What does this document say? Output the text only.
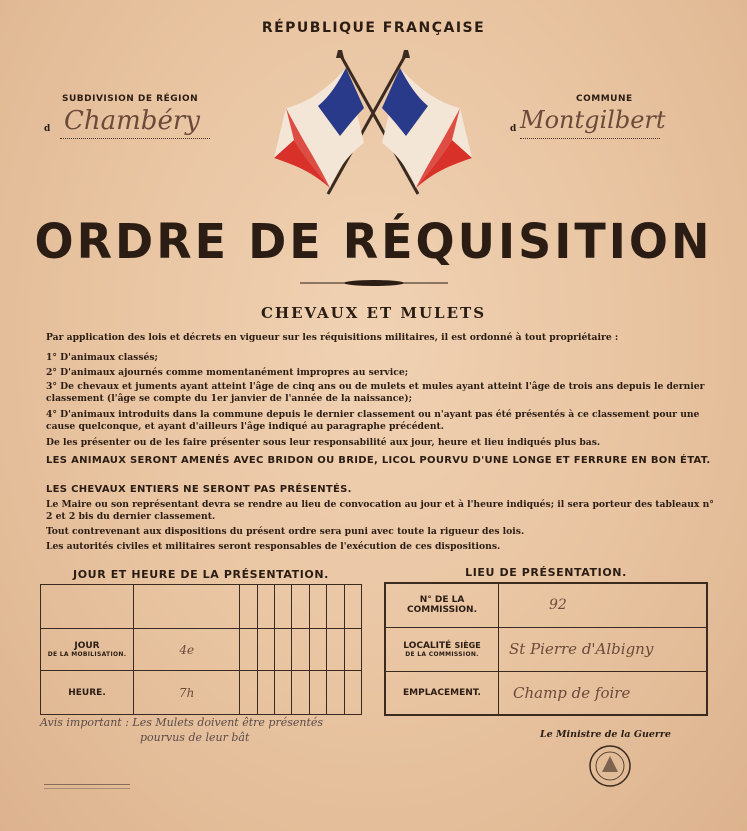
RÉPUBLIQUE FRANÇAISE
SUBDIVISION DE RÉGION
d Chambéry
COMMUNE
d Montgilbert
ORDRE DE RÉQUISITION
CHEVAUX ET MULETS
Par application des lois et décrets en vigueur sur les réquisitions militaires, il est ordonné à tout propriétaire :
1° D'animaux classés;
2° D'animaux ajournés comme momentanément impropres au service;
3° De chevaux et juments ayant atteint l'âge de cinq ans ou de mulets et mules ayant atteint l'âge de trois ans depuis le dernier classement (l'âge se compte du 1er janvier de l'année de la naissance);
4° D'animaux introduits dans la commune depuis le dernier classement ou n'ayant pas été présentés à ce classement pour une cause quelconque, et ayant d'ailleurs l'âge indiqué au paragraphe précédent.
De les présenter ou de les faire présenter sous leur responsabilité aux jour, heure et lieu indiqués plus bas.
LES ANIMAUX SERONT AMENÉS AVEC BRIDON OU BRIDE, LICOL POURVU D'UNE LONGE ET FERRURE EN BON ÉTAT.
LES CHEVAUX ENTIERS NE SERONT PAS PRÉSENTÉS.
Le Maire ou son représentant devra se rendre au lieu de convocation au jour et à l'heure indiqués; il sera porteur des tableaux n° 2 et 2 bis du dernier classement.
Tout contrevenant aux dispositions du présent ordre sera puni avec toute la rigueur des lois.
Les autorités civiles et militaires seront responsables de l'exécution de ces dispositions.
JOUR ET HEURE DE LA PRÉSENTATION.

JOUR
DE LA MOBILISATION.	4e							
HEURE.	7h							
LIEU DE PRÉSENTATION.
N° DE LA COMMISSION.	92
LOCALITÉ SIÈGE
DE LA COMMISSION.	St Pierre d'Albigny
EMPLACEMENT.	Champ de foire
Avis important : Les Mulets doivent être présentés
pourvus de leur bât	Le Ministre de la Guerre
